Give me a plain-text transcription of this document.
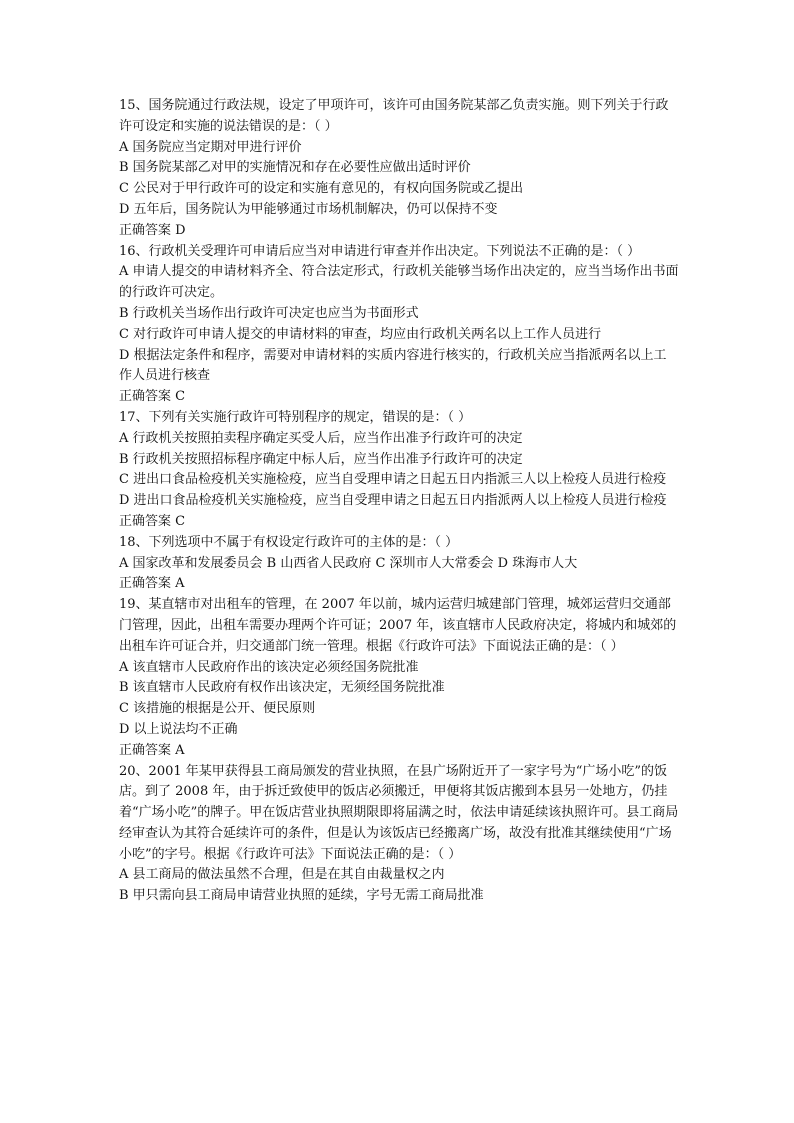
15、国务院通过行政法规，设定了甲项许可，该许可由国务院某部乙负责实施。则下列关于行政许可设定和实施的说法错误的是：（ ）
A 国务院应当定期对甲进行评价
B 国务院某部乙对甲的实施情况和存在必要性应做出适时评价
C 公民对于甲行政许可的设定和实施有意见的，有权向国务院或乙提出
D 五年后，国务院认为甲能够通过市场机制解决，仍可以保持不变
正确答案 D
16、行政机关受理许可申请后应当对申请进行审查并作出决定。下列说法不正确的是：（ ）
A 申请人提交的申请材料齐全、符合法定形式，行政机关能够当场作出决定的，应当当场作出书面的行政许可决定。
B 行政机关当场作出行政许可决定也应当为书面形式
C 对行政许可申请人提交的申请材料的审查，均应由行政机关两名以上工作人员进行
D 根据法定条件和程序，需要对申请材料的实质内容进行核实的，行政机关应当指派两名以上工作人员进行核查
正确答案 C
17、下列有关实施行政许可特别程序的规定，错误的是：（ ）
A 行政机关按照拍卖程序确定买受人后，应当作出准予行政许可的决定
B 行政机关按照招标程序确定中标人后，应当作出准予行政许可的决定
C 进出口食品检疫机关实施检疫，应当自受理申请之日起五日内指派三人以上检疫人员进行检疫
D 进出口食品检疫机关实施检疫，应当自受理申请之日起五日内指派两人以上检疫人员进行检疫
正确答案 C
18、下列选项中不属于有权设定行政许可的主体的是：（ ）
A 国家改革和发展委员会 B 山西省人民政府 C 深圳市人大常委会 D 珠海市人大
正确答案 A
19、某直辖市对出租车的管理，在 2007 年以前，城内运营归城建部门管理，城郊运营归交通部门管理，因此，出租车需要办理两个许可证；2007 年，该直辖市人民政府决定，将城内和城郊的出租车许可证合并，归交通部门统一管理。根据《行政许可法》下面说法正确的是：（ ）
A 该直辖市人民政府作出的该决定必须经国务院批准
B 该直辖市人民政府有权作出该决定，无须经国务院批准
C 该措施的根据是公开、便民原则
D 以上说法均不正确
正确答案 A
20、2001 年某甲获得县工商局颁发的营业执照，在县广场附近开了一家字号为“广场小吃”的饭店。到了 2008 年，由于拆迁致使甲的饭店必须搬迁，甲便将其饭店搬到本县另一处地方，仍挂着“广场小吃”的牌子。甲在饭店营业执照期限即将届满之时，依法申请延续该执照许可。县工商局经审查认为其符合延续许可的条件，但是认为该饭店已经搬离广场，故没有批准其继续使用“广场小吃”的字号。根据《行政许可法》下面说法正确的是：（ ）
A 县工商局的做法虽然不合理，但是在其自由裁量权之内
B 甲只需向县工商局申请营业执照的延续，字号无需工商局批准
